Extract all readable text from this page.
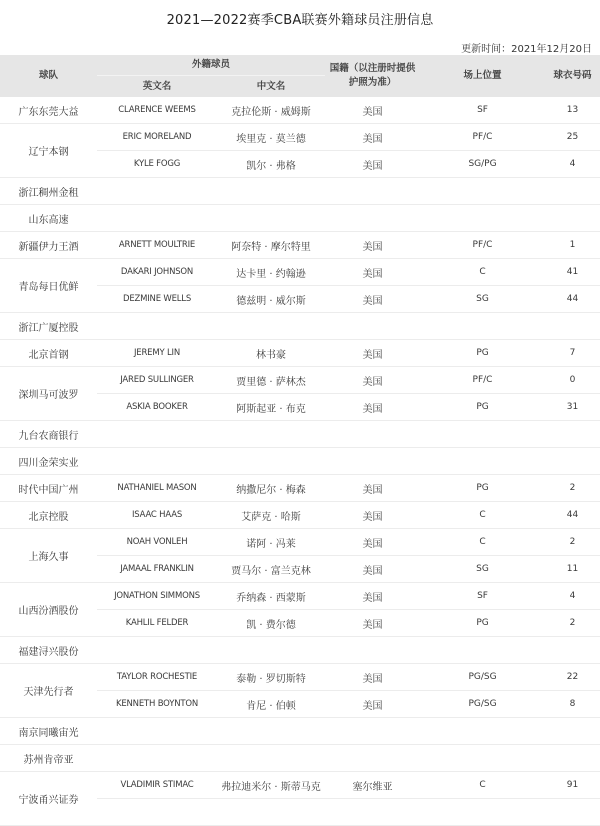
2021—2022赛季CBA联赛外籍球员注册信息
更新时间：2021年12月20日
球队	外籍球员		国籍（以注册时提供
护照为准）	场上位置	球衣号码
	英文名	中文名			
广东东莞大益	CLARENCE WEEMS	克拉伦斯 · 威姆斯	美国	SF	13
辽宁本钢	ERIC MORELAND	埃里克 · 莫兰德	美国	PF/C	25
	KYLE FOGG	凯尔 · 弗格	美国	SG/PG	4
浙江稠州金租					
山东高速					
新疆伊力王酒	ARNETT MOULTRIE	阿奈特 · 摩尔特里	美国	PF/C	1
青岛每日优鲜	DAKARI JOHNSON	达卡里 · 约翰逊	美国	C	41
	DEZMINE WELLS	德兹明 · 威尔斯	美国	SG	44
浙江广厦控股					
北京首钢	JEREMY LIN	林书豪	美国	PG	7
深圳马可波罗	JARED SULLINGER	贾里德 · 萨林杰	美国	PF/C	0
	ASKIA BOOKER	阿斯起亚 · 布克	美国	PG	31
九台农商银行					
四川金荣实业					
时代中国广州	NATHANIEL MASON	纳撒尼尔 · 梅森	美国	PG	2
北京控股	ISAAC HAAS	艾萨克 · 哈斯	美国	C	44
上海久事	NOAH VONLEH	诺阿 · 冯莱	美国	C	2
	JAMAAL FRANKLIN	贾马尔 · 富兰克林	美国	SG	11
山西汾酒股份	JONATHON SIMMONS	乔纳森 · 西蒙斯	美国	SF	4
	KAHLIL FELDER	凯 · 费尔德	美国	PG	2
福建浔兴股份					
天津先行者	TAYLOR ROCHESTIE	泰勒 · 罗切斯特	美国	PG/SG	22
	KENNETH BOYNTON	肯尼 · 伯顿	美国	PG/SG	8
南京同曦宙光					
苏州肯帝亚					
宁波甬兴证券	VLADIMIR STIMAC	弗拉迪米尔 · 斯蒂马克	塞尔维亚	C	91
